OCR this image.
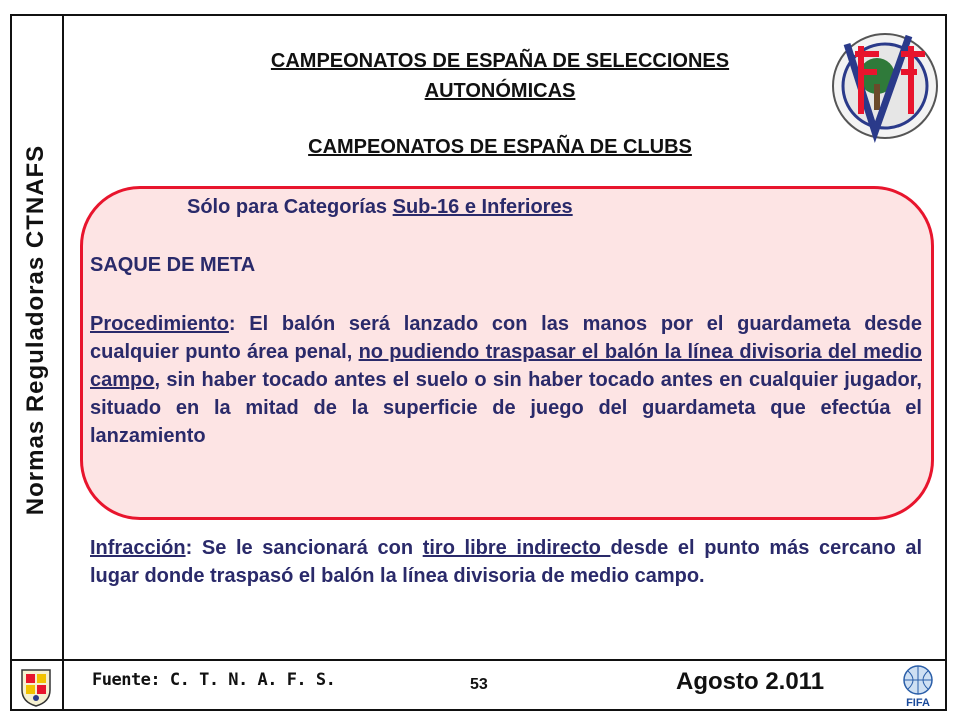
Normas Reguladoras CTNAFS
CAMPEONATOS DE ESPAÑA DE SELECCIONES
AUTONÓMICAS
CAMPEONATOS DE ESPAÑA DE CLUBS
Sólo para Categorías Sub-16 e Inferiores
SAQUE DE META

Procedimiento: El balón será lanzado con las manos por el guardameta desde cualquier punto área penal, no pudiendo traspasar el balón la línea divisoria del medio campo, sin haber tocado antes el suelo o sin haber tocado antes en cualquier jugador, situado en la mitad de la superficie de juego del guardameta que efectúa el lanzamiento

Infracción: Se le sancionará con tiro libre indirecto desde el punto más cercano al lugar donde traspasó el balón la línea divisoria de medio campo.

Fuente: C. T. N. A. F. S.	53	Agosto 2.011
FIFA
